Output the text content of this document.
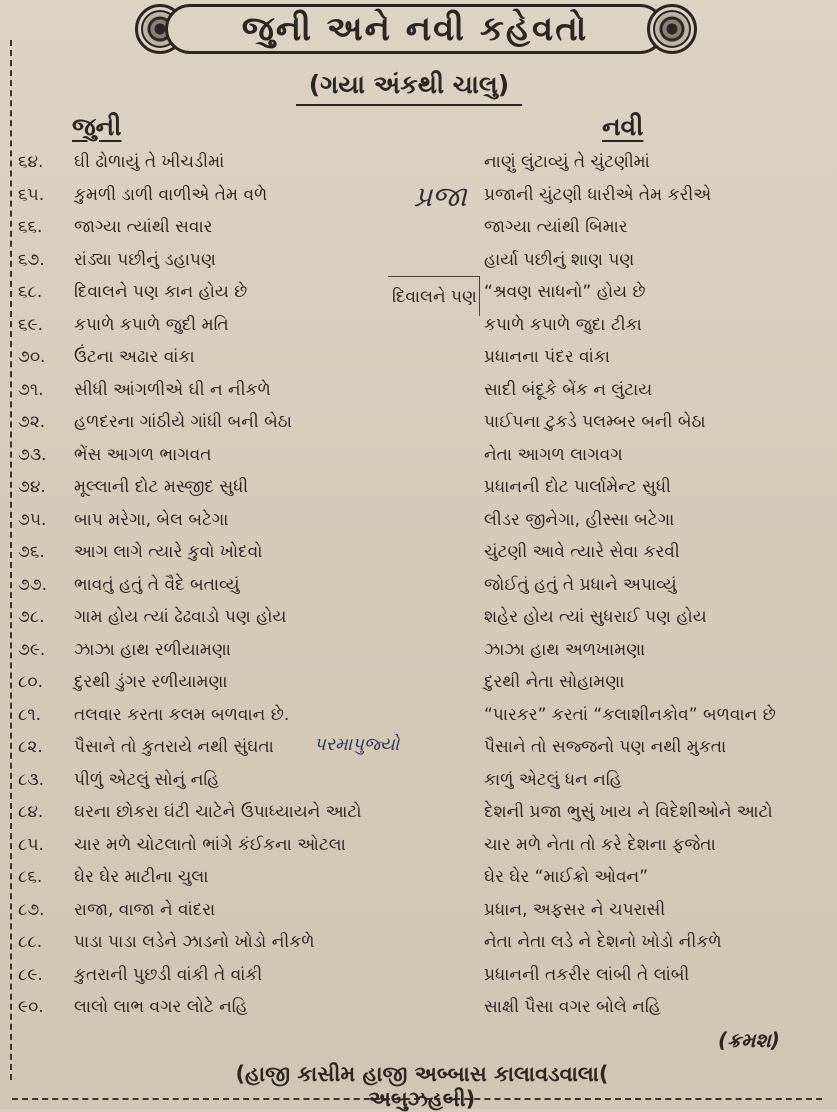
જુની અને નવી કહેવતો
(ગયા અંકથી ચાલુ)
જુની	નવી
૬૪.	ઘી ઢોળાયું તે ખીચડીમાં	નાણું લુંટાવ્યું તે ચુંટણીમાં
૬૫.	કુમળી ડાળી વાળીએ તેમ વળે	પ્રજાની ચુંટણી ધારીએ તેમ કરીએ
૬૬.	જાગ્યા ત્યાંથી સવાર	જાગ્યા ત્યાંથી બિમાર
૬૭.	રાંડ્યા પછીનું ડહાપણ	હાર્યા પછીનું શાણ પણ
૬૮.	દિવાલને પણ કાન હોય છે	“શ્રવણ સાધનો” હોય છે
૬૯.	કપાળે કપાળે જુદી મતિ	કપાળે કપાળે જુદા ટીકા
૭૦.	ઉંટના અઢાર વાંકા	પ્રધાનના પંદર વાંકા
૭૧.	સીધી આંગળીએ ઘી ન નીકળે	સાદી બંદૂકે બેંક ન લુંટાય
૭૨.	હળદરના ગાંઠીયે ગાંધી બની બેઠા	પાઈપના ટુકડે પલમ્બર બની બેઠા
૭૩.	ભેંસ આગળ ભાગવત	નેતા આગળ લાગવગ
૭૪.	મૂલ્લાની દોટ મસ્જીદ સુધી	પ્રધાનની દોટ પાર્લામેન્ટ સુધી
૭૫.	બાપ મરેગા, બેલ બટેગા	લીડર જીનેગા, હીસ્સા બટેગા
૭૬.	આગ લાગે ત્યારે કુવો ખોદવો	ચુંટણી આવે ત્યારે સેવા કરવી
૭૭.	ભાવતું હતું તે વૈદે બતાવ્યું	જોઈતું હતું તે પ્રધાને અપાવ્યું
૭૮.	ગામ હોય ત્યાં ઢેઢવાડો પણ હોય	શહેર હોય ત્યાં સુધરાઈ પણ હોય
૭૯.	ઝાઝા હાથ રળીયામણા	ઝાઝા હાથ અળખામણા
૮૦.	દુરથી ડુંગર રળીયામણા	દુરથી નેતા સોહામણા
૮૧.	તલવાર કરતા કલમ બળવાન છે.	“પારકર” કરતાં “કલાશીનકોવ” બળવાન છે
૮૨.	પૈસાને તો કુતરાયે નથી સુંઘતા	પૈસાને તો સજ્જનો પણ નથી મુકતા
૮૩.	પીળું એટલું સોનું નહિ	કાળું એટલું ધન નહિ
૮૪.	ઘરના છોકરા ઘંટી ચાટેને ઉપાધ્યાયને આટો	દેશની પ્રજા ભુસું ખાય ને વિદેશીઓને આટો
૮૫.	ચાર મળે ચોટલાતો ભાંગે કંઈકના ઓટલા	ચાર મળે નેતા તો કરે દેશના ફજેતા
૮૬.	ઘેર ઘેર માટીના ચુલા	ઘેર ઘેર “માઈક્રો ઓવન”
૮૭.	રાજા, વાજા ને વાંદરા	પ્રધાન, અફસર ને ચપરાસી
૮૮.	પાડા પાડા લડેને ઝાડનો ખોડો નીકળે	નેતા નેતા લડે ને દેશનો ખોડો નીકળે
૮૯.	કુતરાની પુછડી વાંકી તે વાંકી	પ્રધાનની તકરીર લાંબી તે લાંબી
૯૦.	લાલો લાભ વગર લોટે નહિ	સાક્ષી પૈસા વગર બોલે નહિ
પ્રજા
દિવાલને પણ
પરમાપુજ્યો
(ક્રમશ)
(હાજી કાસીમ હાજી અબ્બાસ કાલાવડવાલા( અબુઝહબી)
